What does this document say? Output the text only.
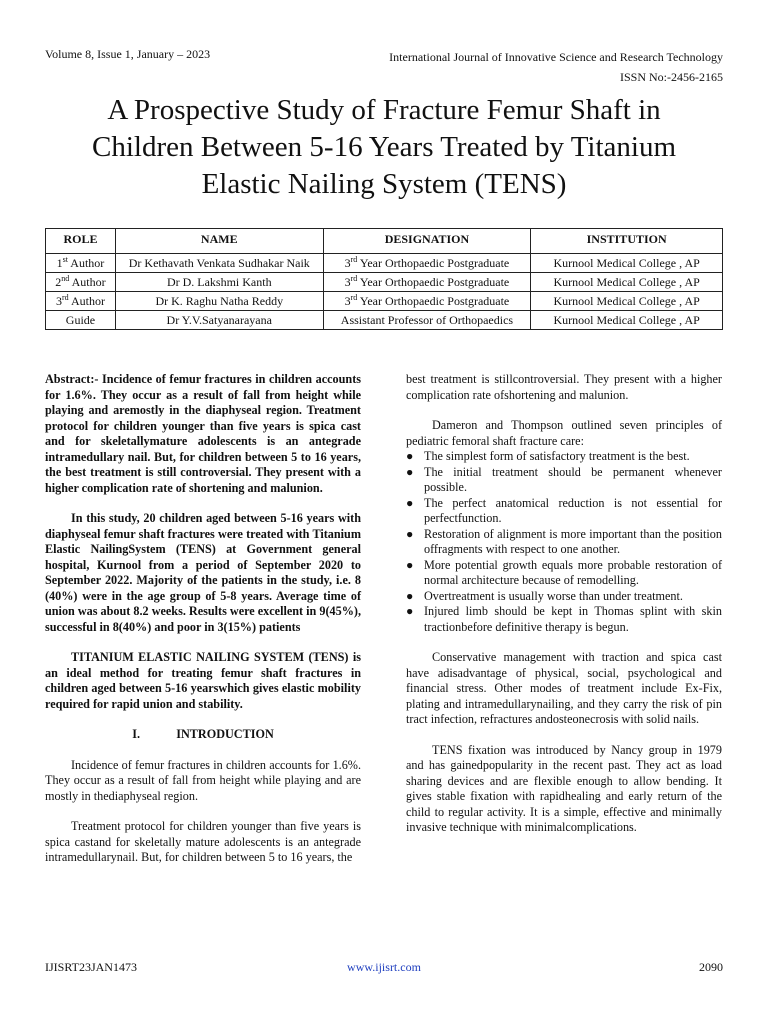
Volume 8, Issue 1, January – 2023	International Journal of Innovative Science and Research Technology
ISSN No:-2456-2165
A Prospective Study of Fracture Femur Shaft in
Children Between 5-16 Years Treated by Titanium
Elastic Nailing System (TENS)
ROLE	NAME	DESIGNATION	INSTITUTION
1st Author	Dr Kethavath Venkata Sudhakar Naik	3rd Year Orthopaedic Postgraduate	Kurnool Medical College , AP
2nd Author	Dr D. Lakshmi Kanth	3rd Year Orthopaedic Postgraduate	Kurnool Medical College , AP
3rd Author	Dr K. Raghu Natha Reddy	3rd Year Orthopaedic Postgraduate	Kurnool Medical College , AP
Guide	Dr Y.V.Satyanarayana	Assistant Professor of Orthopaedics	Kurnool Medical College , AP

Abstract:- Incidence of femur fractures in children accounts for 1.6%. They occur as a result of fall from height while playing and aremostly in the diaphyseal region. Treatment protocol for children younger than five years is spica cast and for skeletallymature adolescents is an antegrade intramedullary nail. But, for children between 5 to 16 years, the best treatment is still controversial. They present with a higher complication rate of shortening and malunion.

In this study, 20 children aged between 5-16 years with diaphyseal femur shaft fractures were treated with Titanium Elastic NailingSystem (TENS) at Government general hospital, Kurnool from a period of September 2020 to September 2022. Majority of the patients in the study, i.e. 8 (40%) were in the age group of 5-8 years. Average time of union was about 8.2 weeks. Results were excellent in 9(45%), successful in 8(40%) and poor in 3(15%) patients

TITANIUM ELASTIC NAILING SYSTEM (TENS) is an ideal method for treating femur shaft fractures in children aged between 5-16 yearswhich gives elastic mobility required for rapid union and stability.

I.	INTRODUCTION

Incidence of femur fractures in children accounts for 1.6%. They occur as a result of fall from height while playing and are mostly in thediaphyseal region.

Treatment protocol for children younger than five years is spica castand for skeletally mature adolescents is an antegrade intramedullarynail. But, for children between 5 to 16 years, the

best treatment is stillcontroversial. They present with a higher complication rate ofshortening and malunion.

Dameron and Thompson outlined seven principles of pediatric femoral shaft fracture care:

● The simplest form of satisfactory treatment is the best.
● The initial treatment should be permanent whenever possible.
● The perfect anatomical reduction is not essential for perfectfunction.
● Restoration of alignment is more important than the position offragments with respect to one another.
● More potential growth equals more probable restoration of normal architecture because of remodelling.
● Overtreatment is usually worse than under treatment.
● Injured limb should be kept in Thomas splint with skin tractionbefore definitive therapy is begun.

Conservative management with traction and spica cast have adisadvantage of physical, social, psychological and financial stress. Other modes of treatment include Ex-Fix, plating and intramedullarynailing, and they carry the risk of pin tract infection, refractures andosteonecrosis with solid nails.

TENS fixation was introduced by Nancy group in 1979 and has gainedpopularity in the recent past. They act as load sharing devices and are flexible enough to allow bending. It gives stable fixation with rapidhealing and early return of the child to regular activity. It is a simple, effective and minimally invasive technique with minimalcomplications.

IJISRT23JAN1473	www.ijisrt.com	2090
